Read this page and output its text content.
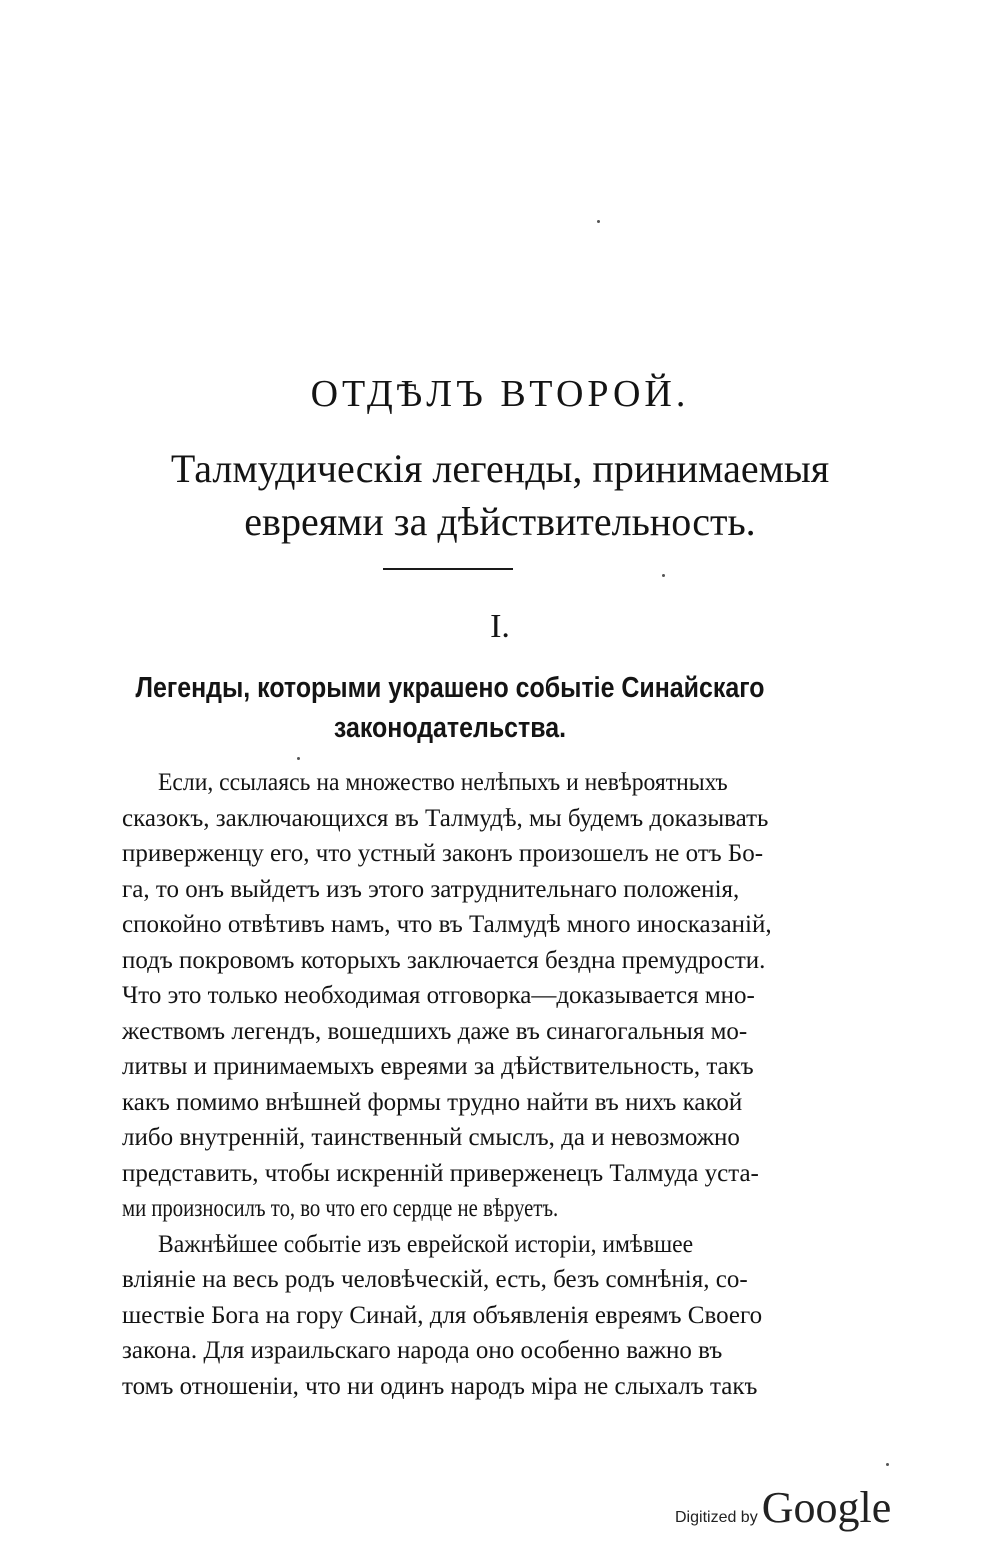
ОТДѢЛЪ ВТОРОЙ.
Талмудическія легенды, принимаемыя
евреями за дѣйствительность.
I.
Легенды, которыми украшено событіе Синайскаго
законодательства.

Если, ссылаясь на множество нелѣпыхъ и невѣроятныхъ

сказокъ, заключающихся въ Талмудѣ, мы будемъ доказывать

приверженцу его, что устный законъ произошелъ не отъ Бо-

га, то онъ выйдетъ изъ этого затруднительнаго положенія,

спокойно отвѣтивъ намъ, что въ Талмудѣ много иносказаній,

подъ покровомъ которыхъ заключается бездна премудрости.

Что это только необходимая отговорка—доказывается мно-

жествомъ легендъ, вошедшихъ даже въ синагогальныя мо-

литвы и принимаемыхъ евреями за дѣйствительность, такъ

какъ помимо внѣшней формы трудно найти въ нихъ какой

либо внутренній, таинственный смыслъ, да и невозможно

представить, чтобы искренній приверженецъ Талмуда уста-

ми произносилъ то, во что его сердце не вѣруетъ.

Важнѣйшее событіе изъ еврейской исторіи, имѣвшее

вліяніе на весь родъ человѣческій, есть, безъ сомнѣнія, со-

шествіе Бога на гору Синай, для объявленія евреямъ Своего

закона. Для израильскаго народа оно особенно важно въ

томъ отношеніи, что ни одинъ народъ міра не слыхалъ такъ

Digitized by Google
